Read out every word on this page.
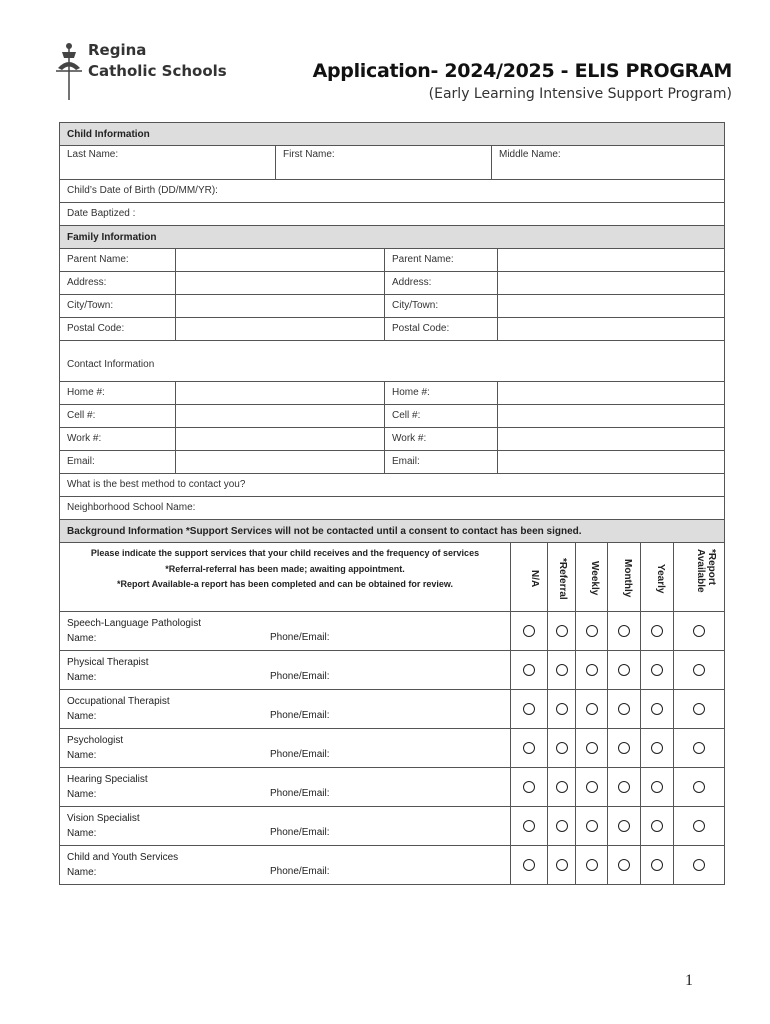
Regina
Catholic Schools	Application- 2024/2025 - ELIS PROGRAM
(Early Learning Intensive Support Program)
Child Information
Last Name:	First Name:	Middle Name:
Child’s Date of Birth (DD/MM/YR):
Date Baptized :
Family Information
Parent Name:	Parent Name:
Address:	Address:
City/Town:	City/Town:
Postal Code:	Postal Code:
Contact Information
Home #:	Home #:
Cell #:	Cell #:
Work #:	Work #:
Email:	Email:
What is the best method to contact you?
Neighborhood School Name:
Background Information *Support Services will not be contacted until a consent to contact has been signed.
Please indicate the support services that your child receives and the frequency of services
*Referral-referral has been made; awaiting appointment.
*Report Available-a report has been completed and can be obtained for review.	N/A	*Referral	Weekly	Monthly	Yearly	*Report Available
Speech-Language Pathologist
Name:	Phone/Email:
Physical Therapist
Name:	Phone/Email:
Occupational Therapist
Name:	Phone/Email:
Psychologist
Name:	Phone/Email:
Hearing Specialist
Name:	Phone/Email:
Vision Specialist
Name:	Phone/Email:
Child and Youth Services
Name:	Phone/Email:
1
